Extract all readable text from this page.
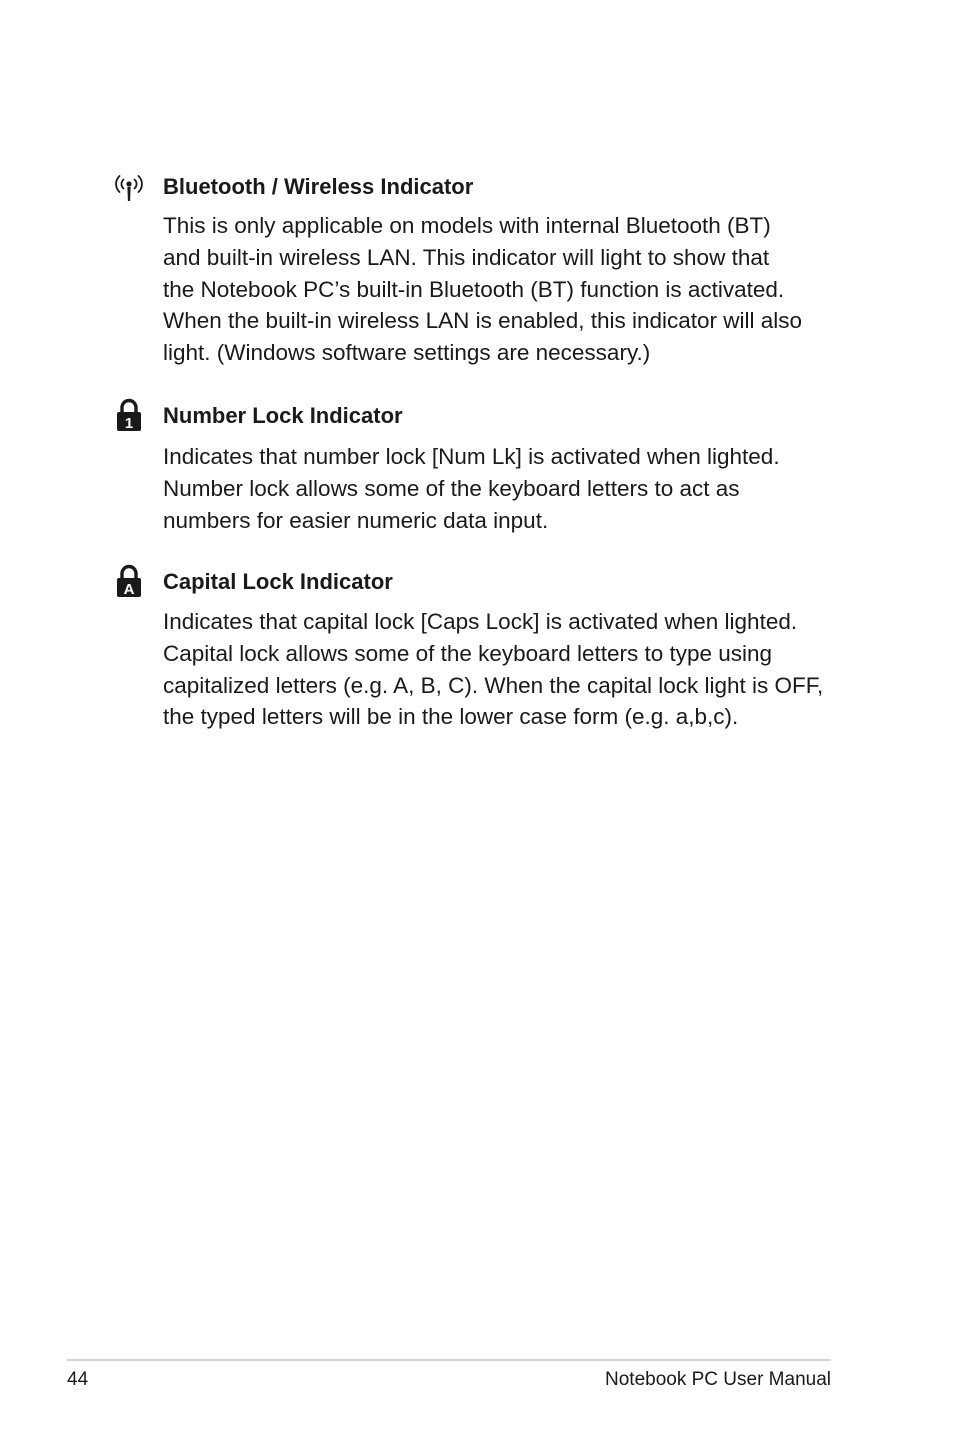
Bluetooth / Wireless Indicator

This is only applicable on models with internal Bluetooth (BT)
and built-in wireless LAN. This indicator will light to show that
the Notebook PC’s built-in Bluetooth (BT) function is activated.
When the built-in wireless LAN is enabled, this indicator will also
light. (Windows software settings are necessary.)

1 Number Lock Indicator

Indicates that number lock [Num Lk] is activated when lighted.
Number lock allows some of the keyboard letters to act as
numbers for easier numeric data input.

A Capital Lock Indicator

Indicates that capital lock [Caps Lock] is activated when lighted.
Capital lock allows some of the keyboard letters to type using
capitalized letters (e.g. A, B, C). When the capital lock light is OFF,
the typed letters will be in the lower case form (e.g. a,b,c).

44	Notebook PC User Manual
